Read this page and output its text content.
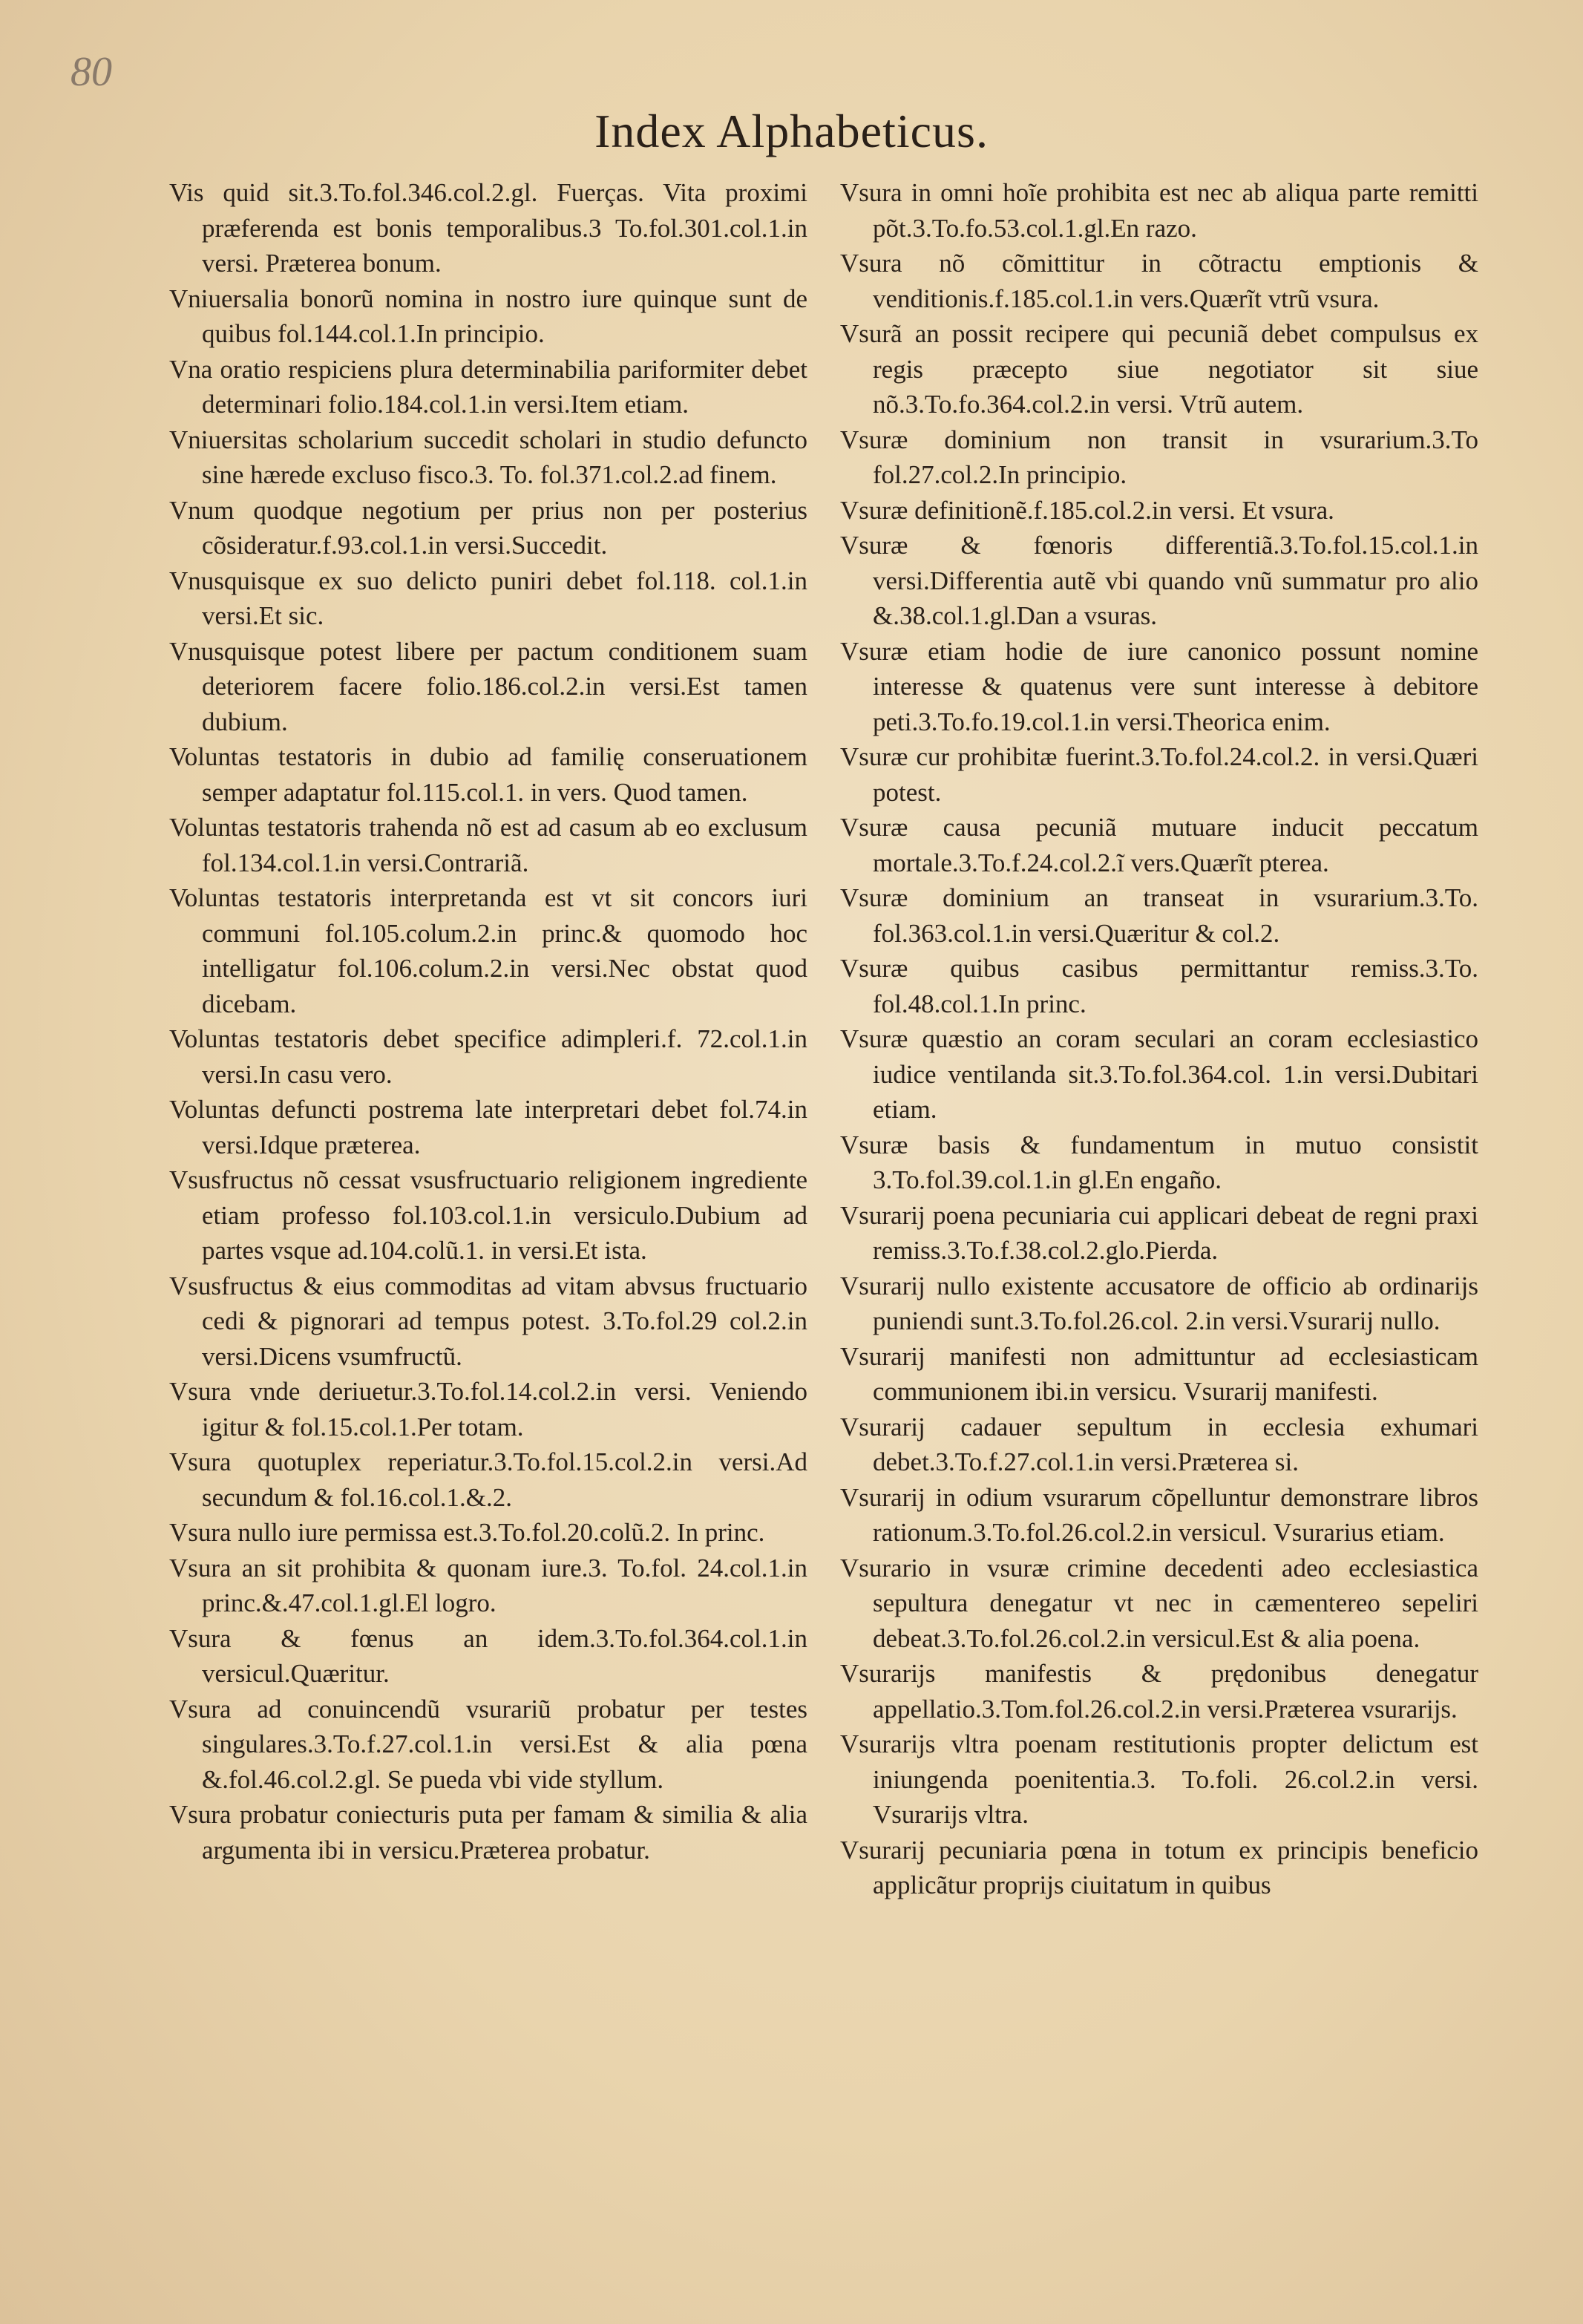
80
Index Alphabeticus.

Vis quid sit.3.To.fol.346.col.2.gl. Fuerças. Vita proximi præferenda est bonis temporalibus.3 To.fol.301.col.1.in versi. Præterea bonum.

Vniuersalia bonorũ nomina in nostro iure quinque sunt de quibus fol.144.col.1.In principio.

Vna oratio respiciens plura determinabilia pariformiter debet determinari folio.184.col.1.in versi.Item etiam.

Vniuersitas scholarium succedit scholari in studio defuncto sine hærede excluso fisco.3. To. fol.371.col.2.ad finem.

Vnum quodque negotium per prius non per posterius cõsideratur.f.93.col.1.in versi.Succedit.

Vnusquisque ex suo delicto puniri debet fol.118. col.1.in versi.Et sic.

Vnusquisque potest libere per pactum conditionem suam deteriorem facere folio.186.col.2.in versi.Est tamen dubium.

Voluntas testatoris in dubio ad familię conseruationem semper adaptatur fol.115.col.1. in vers. Quod tamen.

Voluntas testatoris trahenda nõ est ad casum ab eo exclusum fol.134.col.1.in versi.Contrariã.

Voluntas testatoris interpretanda est vt sit concors iuri communi fol.105.colum.2.in princ.& quomodo hoc intelligatur fol.106.colum.2.in versi.Nec obstat quod dicebam.

Voluntas testatoris debet specifice adimpleri.f. 72.col.1.in versi.In casu vero.

Voluntas defuncti postrema late interpretari debet fol.74.in versi.Idque præterea.

Vsusfructus nõ cessat vsusfructuario religionem ingrediente etiam professo fol.103.col.1.in versiculo.Dubium ad partes vsque ad.104.colũ.1. in versi.Et ista.

Vsusfructus & eius commoditas ad vitam abvsus fructuario cedi & pignorari ad tempus potest. 3.To.fol.29 col.2.in versi.Dicens vsumfructũ.

Vsura vnde deriuetur.3.To.fol.14.col.2.in versi. Veniendo igitur & fol.15.col.1.Per totam.

Vsura quotuplex reperiatur.3.To.fol.15.col.2.in versi.Ad secundum & fol.16.col.1.&.2.

Vsura nullo iure permissa est.3.To.fol.20.colũ.2. In princ.

Vsura an sit prohibita & quonam iure.3. To.fol. 24.col.1.in princ.&.47.col.1.gl.El logro.

Vsura & fœnus an idem.3.To.fol.364.col.1.in versicul.Quæritur.

Vsura ad conuincendũ vsurariũ probatur per testes singulares.3.To.f.27.col.1.in versi.Est & alia pœna &.fol.46.col.2.gl. Se pueda vbi vide styllum.

Vsura probatur coniecturis puta per famam & similia & alia argumenta ibi in versicu.Præterea probatur.

Vsura in omni hoĩe prohibita est nec ab aliqua parte remitti põt.3.To.fo.53.col.1.gl.En razo.

Vsura nõ cõmittitur in cõtractu emptionis & venditionis.f.185.col.1.in vers.Quærĩt vtrũ vsura.

Vsurã an possit recipere qui pecuniã debet compulsus ex regis præcepto siue negotiator sit siue nõ.3.To.fo.364.col.2.in versi. Vtrũ autem.

Vsuræ dominium non transit in vsurarium.3.To fol.27.col.2.In principio.

Vsuræ definitionẽ.f.185.col.2.in versi. Et vsura.

Vsuræ & fœnoris differentiã.3.To.fol.15.col.1.in versi.Differentia autẽ vbi quando vnũ summatur pro alio &.38.col.1.gl.Dan a vsuras.

Vsuræ etiam hodie de iure canonico possunt nomine interesse & quatenus vere sunt interesse à debitore peti.3.To.fo.19.col.1.in versi.Theorica enim.

Vsuræ cur prohibitæ fuerint.3.To.fol.24.col.2. in versi.Quæri potest.

Vsuræ causa pecuniã mutuare inducit peccatum mortale.3.To.f.24.col.2.ĩ vers.Quærĩt pterea.

Vsuræ dominium an transeat in vsurarium.3.To. fol.363.col.1.in versi.Quæritur & col.2.

Vsuræ quibus casibus permittantur remiss.3.To. fol.48.col.1.In princ.

Vsuræ quæstio an coram seculari an coram ecclesiastico iudice ventilanda sit.3.To.fol.364.col. 1.in versi.Dubitari etiam.

Vsuræ basis & fundamentum in mutuo consistit 3.To.fol.39.col.1.in gl.En engaño.

Vsurarij poena pecuniaria cui applicari debeat de regni praxi remiss.3.To.f.38.col.2.glo.Pierda.

Vsurarij nullo existente accusatore de officio ab ordinarijs puniendi sunt.3.To.fol.26.col. 2.in versi.Vsurarij nullo.

Vsurarij manifesti non admittuntur ad ecclesiasticam communionem ibi.in versicu. Vsurarij manifesti.

Vsurarij cadauer sepultum in ecclesia exhumari debet.3.To.f.27.col.1.in versi.Præterea si.

Vsurarij in odium vsurarum cõpelluntur demonstrare libros rationum.3.To.fol.26.col.2.in versicul. Vsurarius etiam.

Vsurario in vsuræ crimine decedenti adeo ecclesiastica sepultura denegatur vt nec in cæmentereo sepeliri debeat.3.To.fol.26.col.2.in versicul.Est & alia poena.

Vsurarijs manifestis & prędonibus denegatur appellatio.3.Tom.fol.26.col.2.in versi.Præterea vsurarijs.

Vsurarijs vltra poenam restitutionis propter delictum est iniungenda poenitentia.3. To.foli. 26.col.2.in versi. Vsurarijs vltra.

Vsurarij pecuniaria pœna in totum ex principis beneficio applicãtur proprijs ciuitatum in quibus
